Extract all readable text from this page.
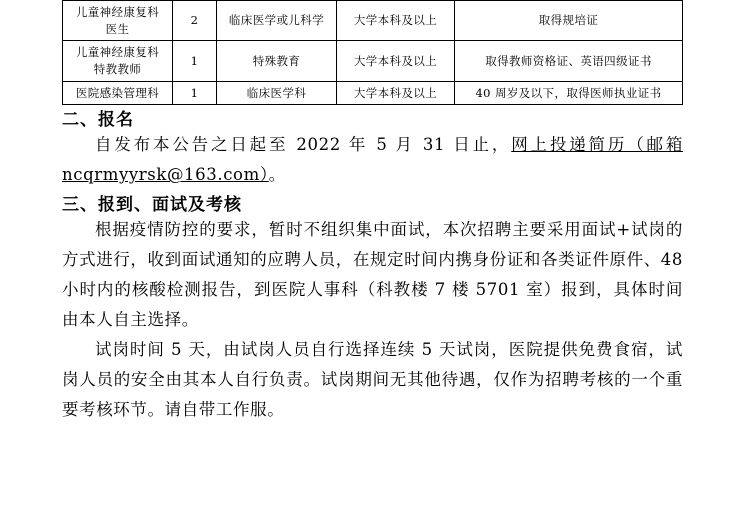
儿童神经康复科
医生	2	临床医学或儿科学	大学本科及以上	取得规培证

儿童神经康复科
特教教师	1	特殊教育	大学本科及以上	取得教师资格证、英语四级证书
医院感染管理科	1	临床医学科	大学本科及以上	40 周岁及以下，取得医师执业证书
二、报名

自发布本公告之日起至 2022 年 5 月 31 日止，网上投递简历（邮箱 ncqrmyyrsk@163.com）。

三、报到、面试及考核

根据疫情防控的要求，暂时不组织集中面试，本次招聘主要采用面试+试岗的方式进行，收到面试通知的应聘人员，在规定时间内携身份证和各类证件原件、48 小时内的核酸检测报告，到医院人事科（科教楼 7 楼 5701 室）报到，具体时间由本人自主选择。

试岗时间 5 天，由试岗人员自行选择连续 5 天试岗，医院提供免费食宿，试岗人员的安全由其本人自行负责。试岗期间无其他待遇，仅作为招聘考核的一个重要考核环节。请自带工作服。
